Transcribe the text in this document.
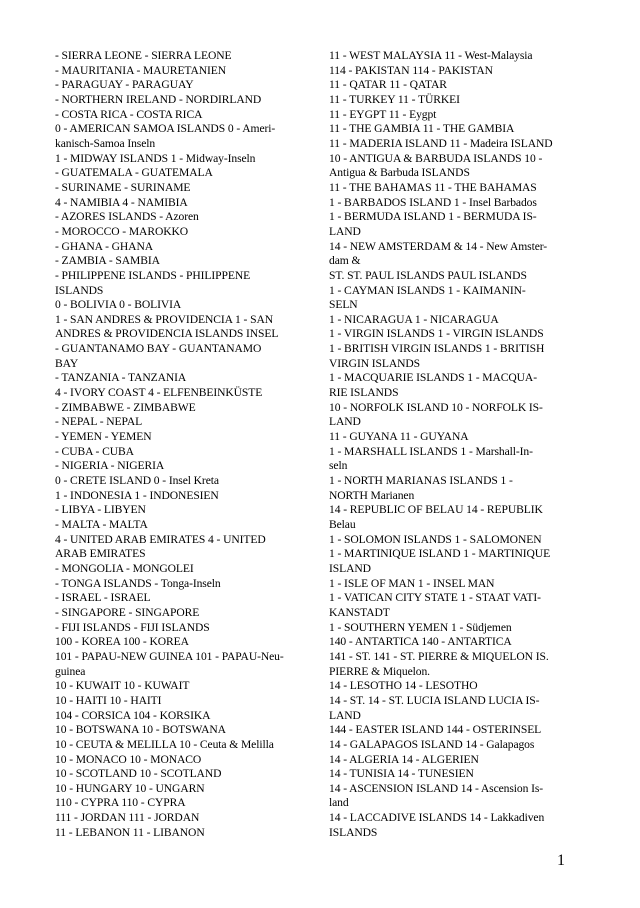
- SIERRA LEONE - SIERRA LEONE
- MAURITANIA - MAURETANIEN
- PARAGUAY - PARAGUAY
- NORTHERN IRELAND - NORDIRLAND
- COSTA RICA - COSTA RICA
0 - AMERICAN SAMOA ISLANDS 0 - Ameri-
kanisch-Samoa Inseln
1 - MIDWAY ISLANDS 1 - Midway-Inseln
- GUATEMALA - GUATEMALA
- SURINAME - SURINAME
4 - NAMIBIA 4 - NAMIBIA
- AZORES ISLANDS - Azoren
- MOROCCO - MAROKKO
- GHANA - GHANA
- ZAMBIA - SAMBIA
- PHILIPPENE ISLANDS - PHILIPPENE
ISLANDS
0 - BOLIVIA 0 - BOLIVIA
1 - SAN ANDRES & PROVIDENCIA 1 - SAN
ANDRES & PROVIDENCIA ISLANDS INSEL
- GUANTANAMO BAY - GUANTANAMO
BAY
- TANZANIA - TANZANIA
4 - IVORY COAST 4 - ELFENBEINKÜSTE
- ZIMBABWE - ZIMBABWE
- NEPAL - NEPAL
- YEMEN - YEMEN
- CUBA - CUBA
- NIGERIA - NIGERIA
0 - CRETE ISLAND 0 - Insel Kreta
1 - INDONESIA 1 - INDONESIEN
- LIBYA - LIBYEN
- MALTA - MALTA
4 - UNITED ARAB EMIRATES 4 - UNITED
ARAB EMIRATES
- MONGOLIA - MONGOLEI
- TONGA ISLANDS - Tonga-Inseln
- ISRAEL - ISRAEL
- SINGAPORE - SINGAPORE
- FIJI ISLANDS - FIJI ISLANDS
100 - KOREA 100 - KOREA
101 - PAPAU-NEW GUINEA 101 - PAPAU-Neu-
guinea
10 - KUWAIT 10 - KUWAIT
10 - HAITI 10 - HAITI
104 - CORSICA 104 - KORSIKA
10 - BOTSWANA 10 - BOTSWANA
10 - CEUTA & MELILLA 10 - Ceuta & Melilla
10 - MONACO 10 - MONACO
10 - SCOTLAND 10 - SCOTLAND
10 - HUNGARY 10 - UNGARN
110 - CYPRA 110 - CYPRA
111 - JORDAN 111 - JORDAN
11 - LEBANON 11 - LIBANON
11 - WEST MALAYSIA 11 - West-Malaysia
114 - PAKISTAN 114 - PAKISTAN
11 - QATAR 11 - QATAR
11 - TURKEY 11 - TÜRKEI
11 - EYGPT 11 - Eygpt
11 - THE GAMBIA 11 - THE GAMBIA
11 - MADERIA ISLAND 11 - Madeira ISLAND
10 - ANTIGUA & BARBUDA ISLANDS 10 -
Antigua & Barbuda ISLANDS
11 - THE BAHAMAS 11 - THE BAHAMAS
1 - BARBADOS ISLAND 1 - Insel Barbados
1 - BERMUDA ISLAND 1 - BERMUDA IS-
LAND
14 - NEW AMSTERDAM & 14 - New Amster-
dam &
ST. ST. PAUL ISLANDS PAUL ISLANDS
1 - CAYMAN ISLANDS 1 - KAIMANIN-
SELN
1 - NICARAGUA 1 - NICARAGUA
1 - VIRGIN ISLANDS 1 - VIRGIN ISLANDS
1 - BRITISH VIRGIN ISLANDS 1 - BRITISH
VIRGIN ISLANDS
1 - MACQUARIE ISLANDS 1 - MACQUA-
RIE ISLANDS
10 - NORFOLK ISLAND 10 - NORFOLK IS-
LAND
11 - GUYANA 11 - GUYANA
1 - MARSHALL ISLANDS 1 - Marshall-In-
seln
1 - NORTH MARIANAS ISLANDS 1 -
NORTH Marianen
14 - REPUBLIC OF BELAU 14 - REPUBLIK
Belau
1 - SOLOMON ISLANDS 1 - SALOMONEN
1 - MARTINIQUE ISLAND 1 - MARTINIQUE
ISLAND
1 - ISLE OF MAN 1 - INSEL MAN
1 - VATICAN CITY STATE 1 - STAAT VATI-
KANSTADT
1 - SOUTHERN YEMEN 1 - Südjemen
140 - ANTARTICA 140 - ANTARTICA
141 - ST. 141 - ST. PIERRE & MIQUELON IS.
PIERRE & Miquelon.
14 - LESOTHO 14 - LESOTHO
14 - ST. 14 - ST. LUCIA ISLAND LUCIA IS-
LAND
144 - EASTER ISLAND 144 - OSTERINSEL
14 - GALAPAGOS ISLAND 14 - Galapagos
14 - ALGERIA 14 - ALGERIEN
14 - TUNISIA 14 - TUNESIEN
14 - ASCENSION ISLAND 14 - Ascension Is-
land
14 - LACCADIVE ISLANDS 14 - Lakkadiven
ISLANDS
1
